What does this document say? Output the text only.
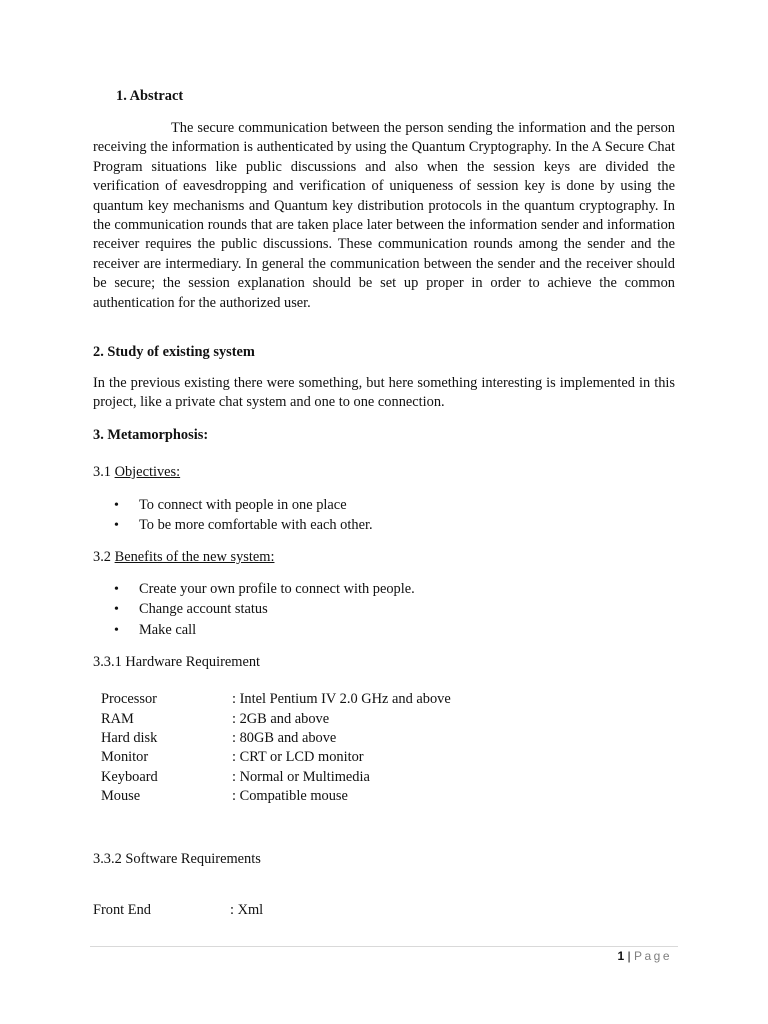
1. Abstract

The secure communication between the person sending the information and the person receiving the information is authenticated by using the Quantum Cryptography. In the A Secure Chat Program situations like public discussions and also when the session keys are divided the verification of eavesdropping and verification of uniqueness of session key is done by using the quantum key mechanisms and Quantum key distribution protocols in the quantum cryptography. In the communication rounds that are taken place later between the information sender and information receiver requires the public discussions. These communication rounds among the sender and the receiver are intermediary. In general the communication between the sender and the receiver should be secure; the session explanation should be set up proper in order to achieve the common authentication for the authorized user.

2. Study of existing system

In the previous existing there were something, but here something interesting is implemented in this project, like a private chat system and one to one connection.

3. Metamorphosis:

3.1 Objectives:

•
To connect with people in one place
•
To be more comfortable with each other.

3.2 Benefits of the new system:

•
Create your own profile to connect with people.
•
Change account status
•
Make call

3.3.1 Hardware Requirement

Processor	: Intel Pentium IV 2.0 GHz and above
RAM	: 2GB and above
Hard disk	: 80GB and above
Monitor	: CRT or LCD monitor
Keyboard	: Normal or Multimedia
Mouse	: Compatible mouse

3.3.2 Software Requirements

Front End	: Xml
1 | Page
